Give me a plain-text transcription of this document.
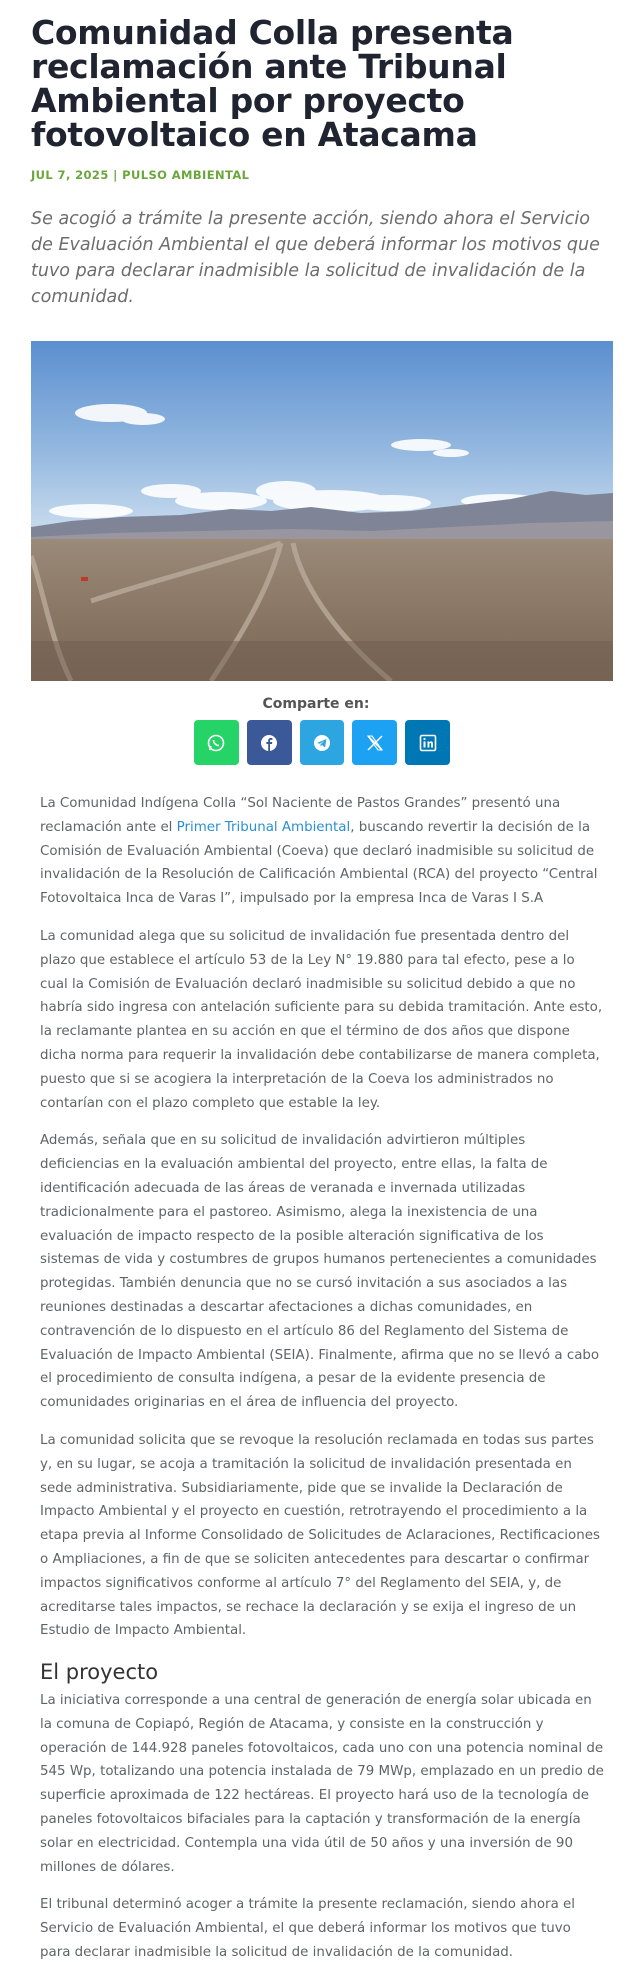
Comunidad Colla presenta reclamación ante Tribunal Ambiental por proyecto fotovoltaico en Atacama
JUL 7, 2025 | PULSO AMBIENTAL

Se acogió a trámite la presente acción, siendo ahora el Servicio de Evaluación Ambiental el que deberá informar los motivos que tuvo para declarar inadmisible la solicitud de invalidación de la comunidad.

Comparte en:

La Comunidad Indígena Colla “Sol Naciente de Pastos Grandes” presentó una reclamación ante el Primer Tribunal Ambiental, buscando revertir la decisión de la Comisión de Evaluación Ambiental (Coeva) que declaró inadmisible su solicitud de invalidación de la Resolución de Calificación Ambiental (RCA) del proyecto “Central Fotovoltaica Inca de Varas I”, impulsado por la empresa Inca de Varas I S.A

La comunidad alega que su solicitud de invalidación fue presentada dentro del plazo que establece el artículo 53 de la Ley N° 19.880 para tal efecto, pese a lo cual la Comisión de Evaluación declaró inadmisible su solicitud debido a que no habría sido ingresa con antelación suficiente para su debida tramitación. Ante esto, la reclamante plantea en su acción en que el término de dos años que dispone dicha norma para requerir la invalidación debe contabilizarse de manera completa, puesto que si se acogiera la interpretación de la Coeva los administrados no contarían con el plazo completo que estable la ley.

Además, señala que en su solicitud de invalidación advirtieron múltiples deficiencias en la evaluación ambiental del proyecto, entre ellas, la falta de identificación adecuada de las áreas de veranada e invernada utilizadas tradicionalmente para el pastoreo. Asimismo, alega la inexistencia de una evaluación de impacto respecto de la posible alteración significativa de los sistemas de vida y costumbres de grupos humanos pertenecientes a comunidades protegidas. También denuncia que no se cursó invitación a sus asociados a las reuniones destinadas a descartar afectaciones a dichas comunidades, en contravención de lo dispuesto en el artículo 86 del Reglamento del Sistema de Evaluación de Impacto Ambiental (SEIA). Finalmente, afirma que no se llevó a cabo el procedimiento de consulta indígena, a pesar de la evidente presencia de comunidades originarias en el área de influencia del proyecto.

La comunidad solicita que se revoque la resolución reclamada en todas sus partes y, en su lugar, se acoja a tramitación la solicitud de invalidación presentada en sede administrativa. Subsidiariamente, pide que se invalide la Declaración de Impacto Ambiental y el proyecto en cuestión, retrotrayendo el procedimiento a la etapa previa al Informe Consolidado de Solicitudes de Aclaraciones, Rectificaciones o Ampliaciones, a fin de que se soliciten antecedentes para descartar o confirmar impactos significativos conforme al artículo 7° del Reglamento del SEIA, y, de acreditarse tales impactos, se rechace la declaración y se exija el ingreso de un Estudio de Impacto Ambiental.

El proyecto

La iniciativa corresponde a una central de generación de energía solar ubicada en la comuna de Copiapó, Región de Atacama, y consiste en la construcción y operación de 144.928 paneles fotovoltaicos, cada uno con una potencia nominal de 545 Wp, totalizando una potencia instalada de 79 MWp, emplazado en un predio de superficie aproximada de 122 hectáreas. El proyecto hará uso de la tecnología de paneles fotovoltaicos bifaciales para la captación y transformación de la energía solar en electricidad. Contempla una vida útil de 50 años y una inversión de 90 millones de dólares.

El tribunal determinó acoger a trámite la presente reclamación, siendo ahora el Servicio de Evaluación Ambiental, el que deberá informar los motivos que tuvo para declarar inadmisible la solicitud de invalidación de la comunidad.
